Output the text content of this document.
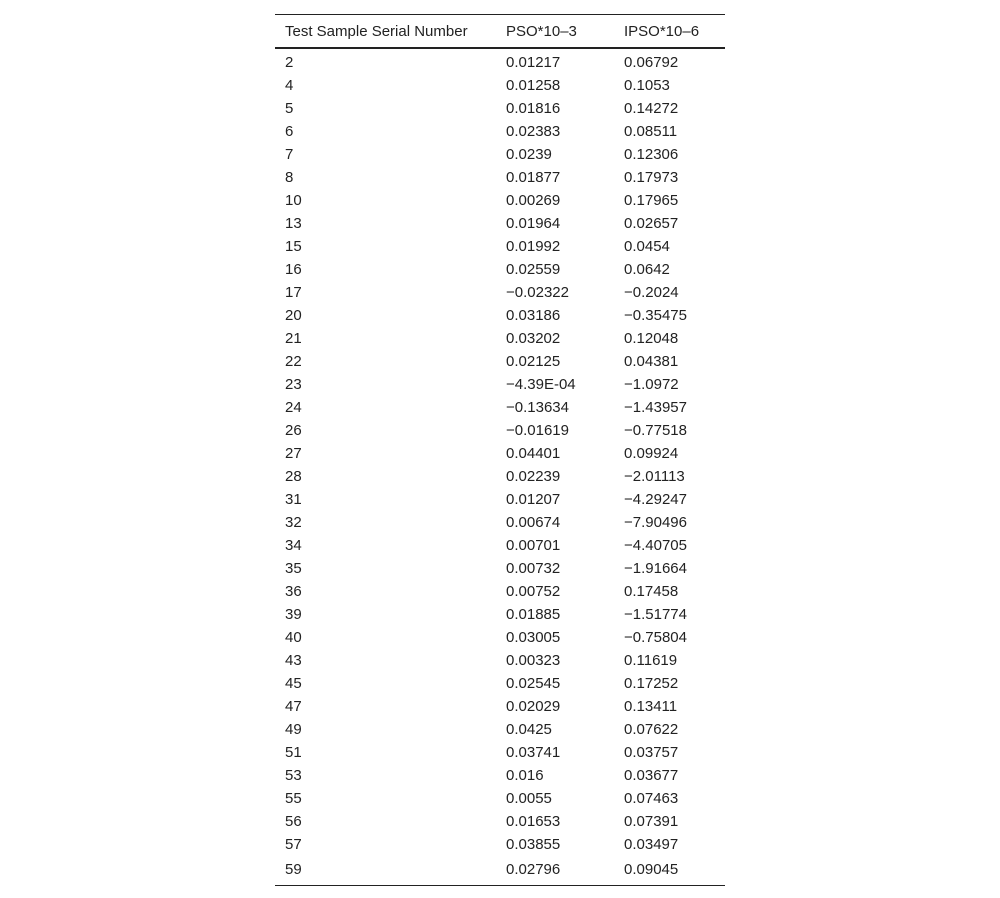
Test Sample Serial Number	PSO*10–3	IPSO*10–6
2	0.01217	0.06792
4	0.01258	0.1053
5	0.01816	0.14272
6	0.02383	0.08511
7	0.0239	0.12306
8	0.01877	0.17973
10	0.00269	0.17965
13	0.01964	0.02657
15	0.01992	0.0454
16	0.02559	0.0642
17	−0.02322	−0.2024
20	0.03186	−0.35475
21	0.03202	0.12048
22	0.02125	0.04381
23	−4.39E-04	−1.0972
24	−0.13634	−1.43957
26	−0.01619	−0.77518
27	0.04401	0.09924
28	0.02239	−2.01113
31	0.01207	−4.29247
32	0.00674	−7.90496
34	0.00701	−4.40705
35	0.00732	−1.91664
36	0.00752	0.17458
39	0.01885	−1.51774
40	0.03005	−0.75804
43	0.00323	0.11619
45	0.02545	0.17252
47	0.02029	0.13411
49	0.0425	0.07622
51	0.03741	0.03757
53	0.016	0.03677
55	0.0055	0.07463
56	0.01653	0.07391
57	0.03855	0.03497
59	0.02796	0.09045
